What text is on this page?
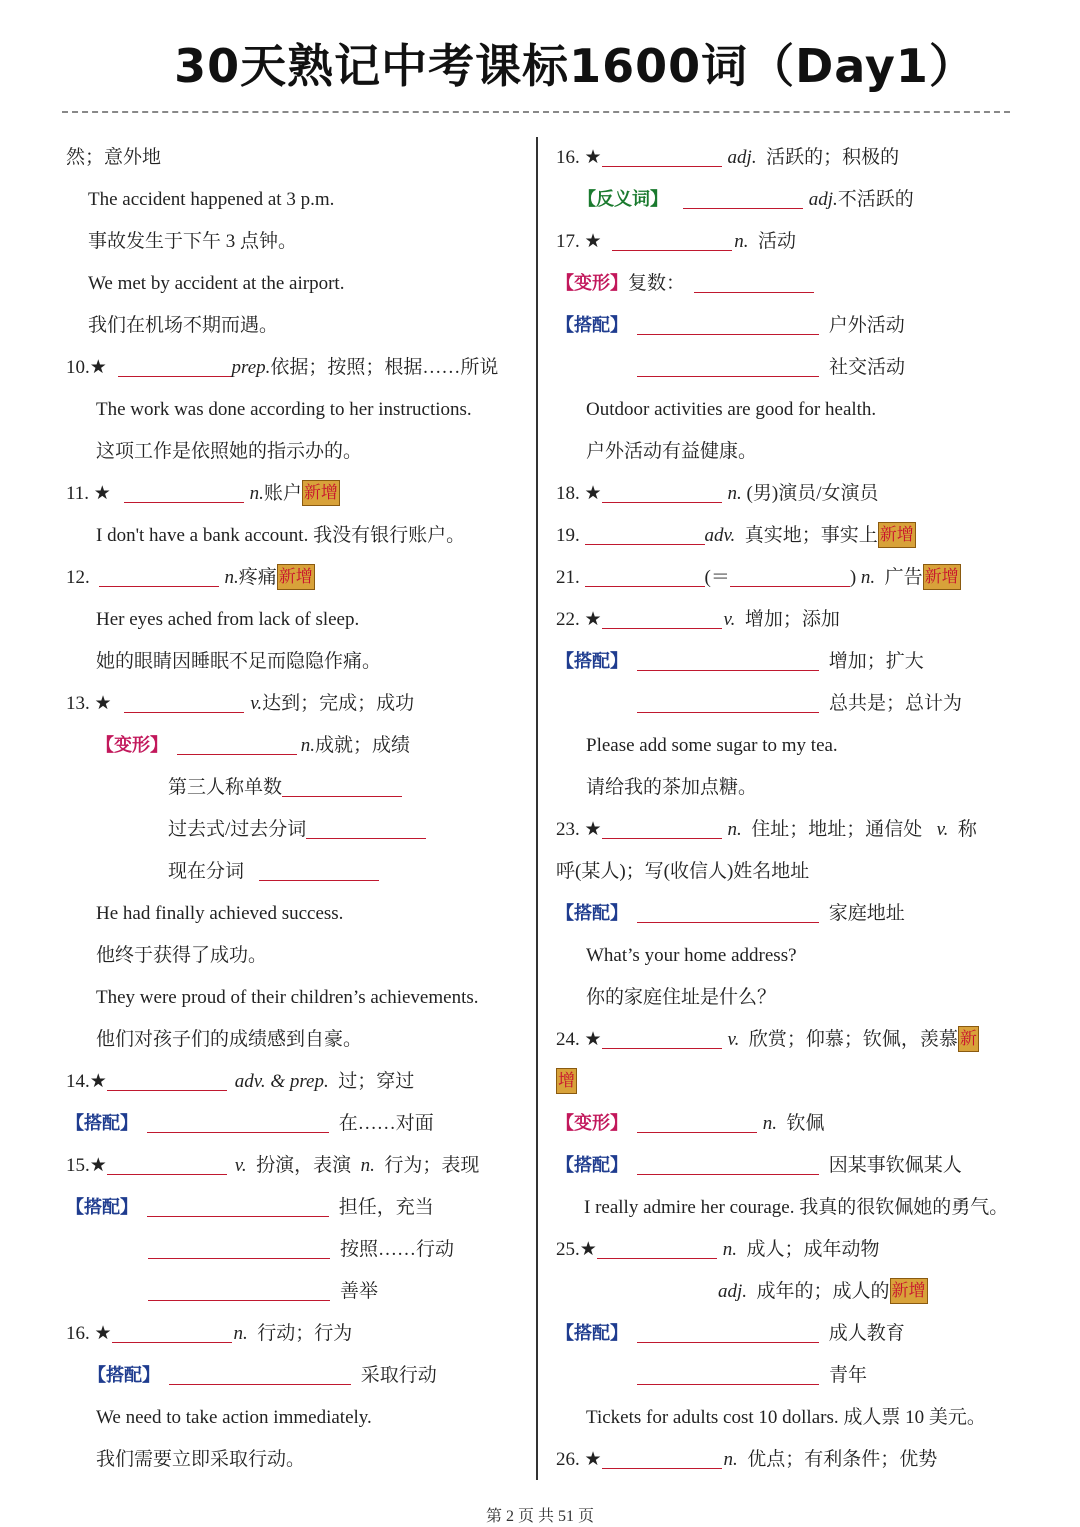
30天熟记中考课标1600词（Day1）
然；意外地
The accident happened at 3 p.m.
事故发生于下午 3 点钟。
We met by accident at the airport.
我们在机场不期而遇。
10.★	prep.依据；按照；根据……所说
The work was done according to her instructions.
这项工作是依照她的指示办的。
11. ★	n.账户 新增
I don't have a bank account. 我没有银行账户。
12.	n.疼痛 新增
Her eyes ached from lack of sleep.
她的眼睛因睡眠不足而隐隐作痛。
13. ★	v.达到；完成；成功
【变形】	n.成就；成绩
第三人称单数
过去式/过去分词
现在分词
He had finally achieved success.
他终于获得了成功。
They were proud of their children’s achievements.
他们对孩子们的成绩感到自豪。
14.★	adv. & prep. 过；穿过
【搭配】	在……对面
15.★	v. 扮演，表演 n. 行为；表现
【搭配】	担任，充当
按照……行动
善举
16. ★	n. 行动；行为
【搭配】	采取行动
We need to take action immediately.
我们需要立即采取行动。
16. ★	adj. 活跃的；积极的
【反义词】	adj.不活跃的
17. ★	n. 活动
【变形】复数：
【搭配】	户外活动
社交活动
Outdoor activities are good for health.
户外活动有益健康。
18. ★	n. (男)演员/女演员
19.	adv. 真实地；事实上 新增
21.	(＝	) n. 广告 新增
22. ★	v. 增加；添加
【搭配】	增加；扩大
总共是；总计为
Please add some sugar to my tea.
请给我的茶加点糖。
23. ★	n. 住址；地址；通信处 v. 称
呼(某人)；写(收信人)姓名地址
【搭配】	家庭地址
What’s your home address?
你的家庭住址是什么？
24. ★	v. 欣赏；仰慕；钦佩，羡慕 新
增
【变形】	n. 钦佩
【搭配】	因某事钦佩某人
I really admire her courage. 我真的很钦佩她的勇气。
25.★	n. 成人；成年动物
adj. 成年的；成人的 新增
【搭配】	成人教育
青年
Tickets for adults cost 10 dollars. 成人票 10 美元。
26. ★	n. 优点；有利条件；优势
第 2 页 共 51 页
